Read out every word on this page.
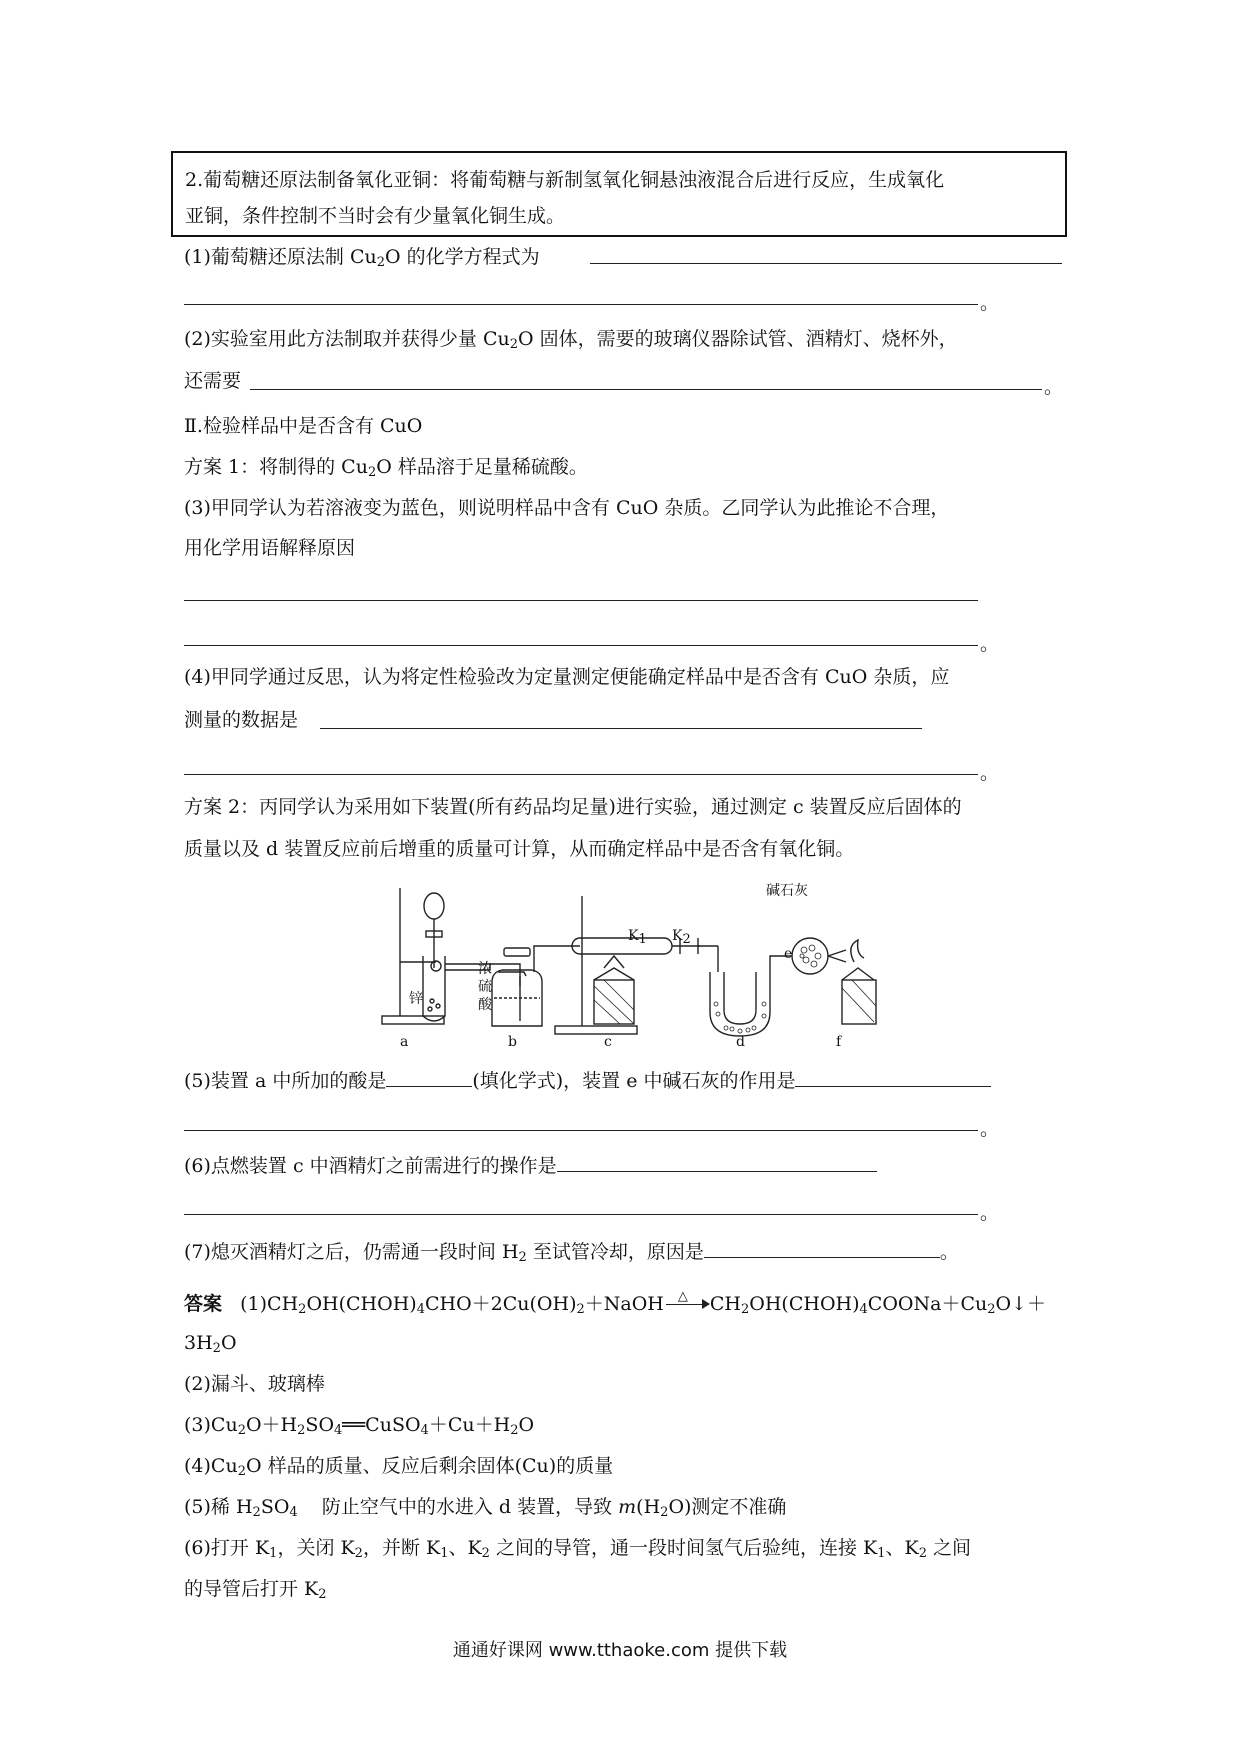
2.葡萄糖还原法制备氧化亚铜：将葡萄糖与新制氢氧化铜悬浊液混合后进行反应，生成氧化
亚铜，条件控制不当时会有少量氧化铜生成。
(1)葡萄糖还原法制 $Cu_2O$ 的化学方程式为
。
(2)实验室用此方法制取并获得少量 $Cu_2O$ 固体，需要的玻璃仪器除试管、酒精灯、烧杯外，
还需要	。
Ⅱ.检验样品中是否含有 CuO
方案 1：将制得的 $Cu_2O$ 样品溶于足量稀硫酸。
(3)甲同学认为若溶液变为蓝色，则说明样品中含有 CuO 杂质。乙同学认为此推论不合理，
用化学用语解释原因
。
(4)甲同学通过反思，认为将定性检验改为定量测定便能确定样品中是否含有 CuO 杂质，应
测量的数据是
。
方案 2：丙同学认为采用如下装置(所有药品均足量)进行实验，通过测定 c 装置反应后固体的
质量以及 d 装置反应前后增重的质量可计算，从而确定样品中是否含有氧化铜。
a	b	c	d
e
f
锌
浓
硫
酸
碱石灰
$K_1$ $K_2$
(5)装置 a 中所加的酸是	(填化学式)，装置 e 中碱石灰的作用是
。
(6)点燃装置 c 中酒精灯之前需进行的操作是
。
(7)熄灭酒精灯之后，仍需通一段时间 $H_2$ 至试管冷却，原因是	。
答案 $(1)CH_2OH(CHOH)_4CHO+2Cu(OH)_2+NaOH$ △ $CH_2OH(CHOH)_4COONa+Cu_2O↓+$
$3H_2O$
(2)漏斗、玻璃棒
$(3)Cu_2O+H_2SO_4══CuSO_4+Cu+H_2O$
$(4)Cu_2O$ 样品的质量、反应后剩余固体(Cu)的质量
(5)稀 $H_2SO_4$    防止空气中的水进入 d 装置，导致 $m(H_2O)$测定不准确
(6)打开 $K_1$，关闭 $K_2$，并断 $K_1$、$K_2$ 之间的导管，通一段时间氢气后验纯，连接 $K_1$、$K_2$ 之间
的导管后打开 $K_2$
通通好课网 www.tthaoke.com 提供下载
